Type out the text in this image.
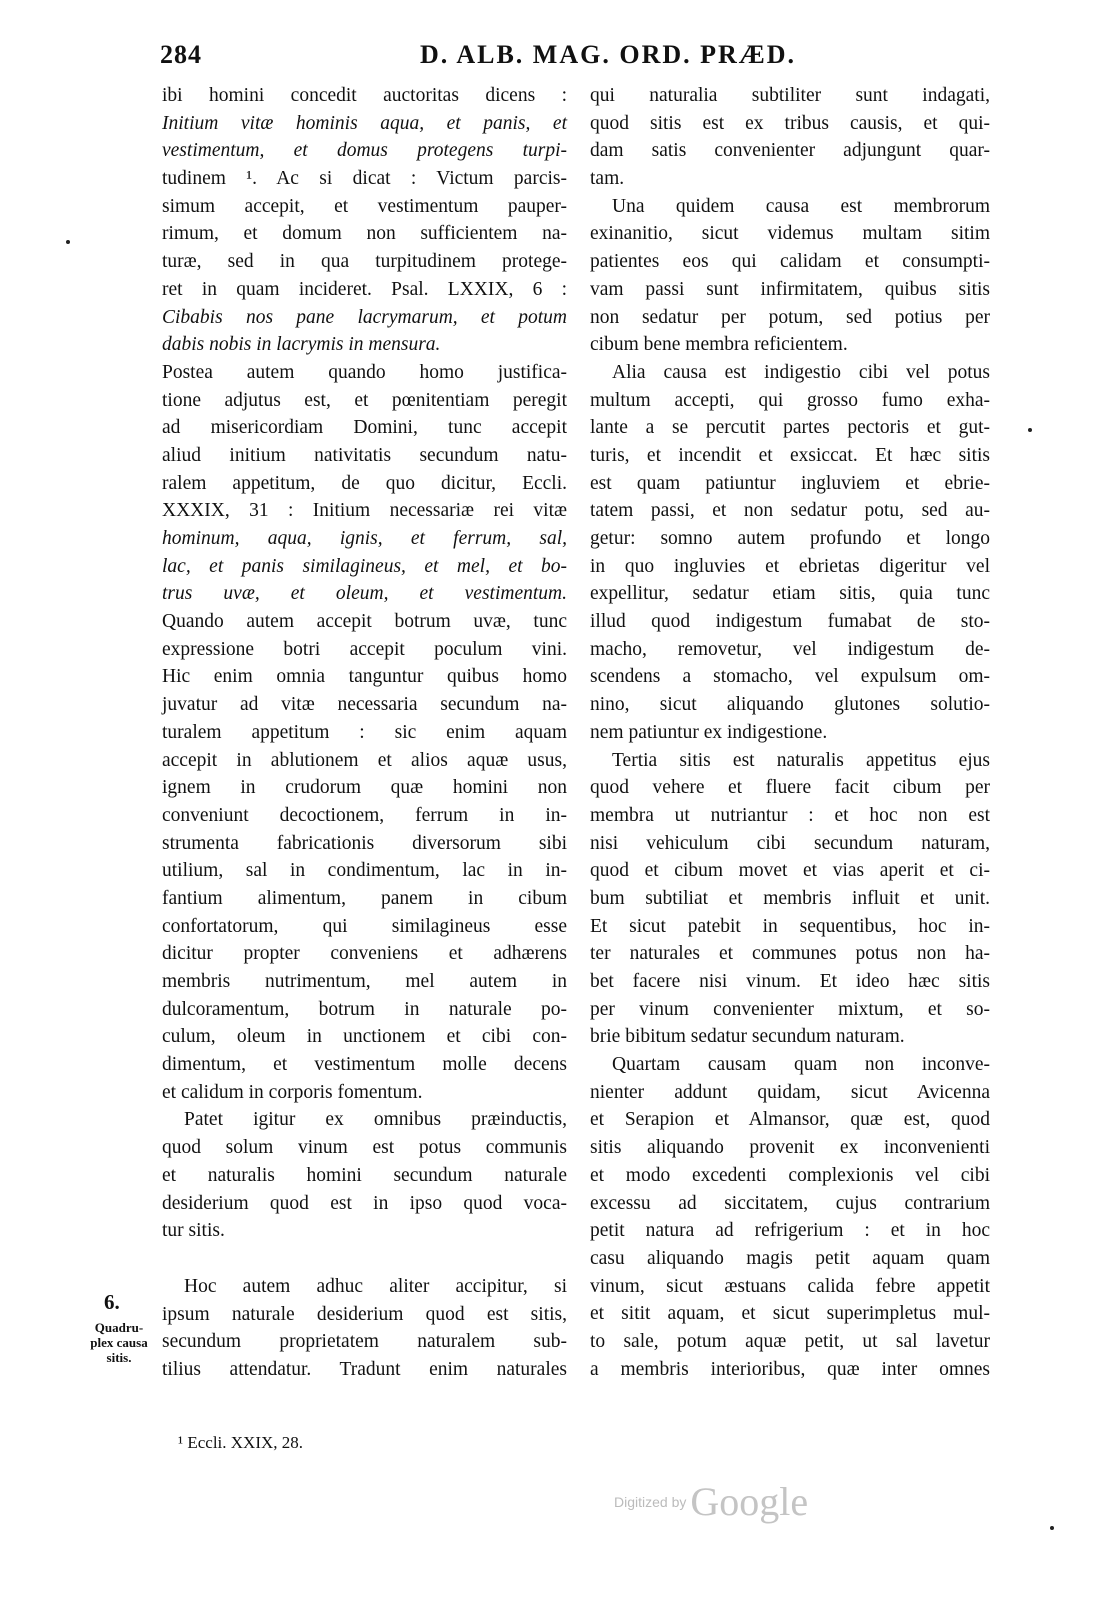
284	D. ALB. MAG. ORD. PRÆD.
ibi homini concedit auctoritas dicens :
Initium vitæ hominis aqua, et panis, et
vestimentum, et domus protegens turpi-
tudinem ¹. Ac si dicat : Victum parcis-
simum accepit, et vestimentum pauper-
rimum, et domum non sufficientem na-
turæ, sed in qua turpitudinem protege-
ret in quam incideret. Psal. LXXIX, 6 :
Cibabis nos pane lacrymarum, et potum
dabis nobis in lacrymis in mensura.
Postea autem quando homo justifica-
tione adjutus est, et pœnitentiam peregit
ad misericordiam Domini, tunc accepit
aliud initium nativitatis secundum natu-
ralem appetitum, de quo dicitur, Eccli.
XXXIX, 31 : Initium necessariæ rei vitæ
hominum, aqua, ignis, et ferrum, sal,
lac, et panis similagineus, et mel, et bo-
trus uvæ, et oleum, et vestimentum.
Quando autem accepit botrum uvæ, tunc
expressione botri accepit poculum vini.
Hic enim omnia tanguntur quibus homo
juvatur ad vitæ necessaria secundum na-
turalem appetitum : sic enim aquam
accepit in ablutionem et alios aquæ usus,
ignem in crudorum quæ homini non
conveniunt decoctionem, ferrum in in-
strumenta fabricationis diversorum sibi
utilium, sal in condimentum, lac in in-
fantium alimentum, panem in cibum
confortatorum, qui similagineus esse
dicitur propter conveniens et adhærens
membris nutrimentum, mel autem in
dulcoramentum, botrum in naturale po-
culum, oleum in unctionem et cibi con-
dimentum, et vestimentum molle decens
et calidum in corporis fomentum.
Patet igitur ex omnibus præinductis,
quod solum vinum est potus communis
et naturalis homini secundum naturale
desiderium quod est in ipso quod voca-
tur sitis.
Hoc autem adhuc aliter accipitur, si
ipsum naturale desiderium quod est sitis,
secundum proprietatem naturalem sub-
tilius attendatur. Tradunt enim naturales
qui naturalia subtiliter sunt indagati,
quod sitis est ex tribus causis, et qui-
dam satis convenienter adjungunt quar-
tam.
Una quidem causa est membrorum
exinanitio, sicut videmus multam sitim
patientes eos qui calidam et consumpti-
vam passi sunt infirmitatem, quibus sitis
non sedatur per potum, sed potius per
cibum bene membra reficientem.
Alia causa est indigestio cibi vel potus
multum accepti, qui grosso fumo exha-
lante a se percutit partes pectoris et gut-
turis, et incendit et exsiccat. Et hæc sitis
est quam patiuntur ingluviem et ebrie-
tatem passi, et non sedatur potu, sed au-
getur: somno autem profundo et longo
in quo ingluvies et ebrietas digeritur vel
expellitur, sedatur etiam sitis, quia tunc
illud quod indigestum fumabat de sto-
macho, removetur, vel indigestum de-
scendens a stomacho, vel expulsum om-
nino, sicut aliquando glutones solutio-
nem patiuntur ex indigestione.
Tertia sitis est naturalis appetitus ejus
quod vehere et fluere facit cibum per
membra ut nutriantur : et hoc non est
nisi vehiculum cibi secundum naturam,
quod et cibum movet et vias aperit et ci-
bum subtiliat et membris influit et unit.
Et sicut patebit in sequentibus, hoc in-
ter naturales et communes potus non ha-
bet facere nisi vinum. Et ideo hæc sitis
per vinum convenienter mixtum, et so-
brie bibitum sedatur secundum naturam.
Quartam causam quam non inconve-
nienter addunt quidam, sicut Avicenna
et Serapion et Almansor, quæ est, quod
sitis aliquando provenit ex inconvenienti
et modo excedenti complexionis vel cibi
excessu ad siccitatem, cujus contrarium
petit natura ad refrigerium : et in hoc
casu aliquando magis petit aquam quam
vinum, sicut æstuans calida febre appetit
et sitit aquam, et sicut superimpletus mul-
to sale, potum aquæ petit, ut sal lavetur
a membris interioribus, quæ inter omnes
6.
Quadru-
plex causa
sitis.
¹ Eccli. XXIX, 28.
Digitized by Google
